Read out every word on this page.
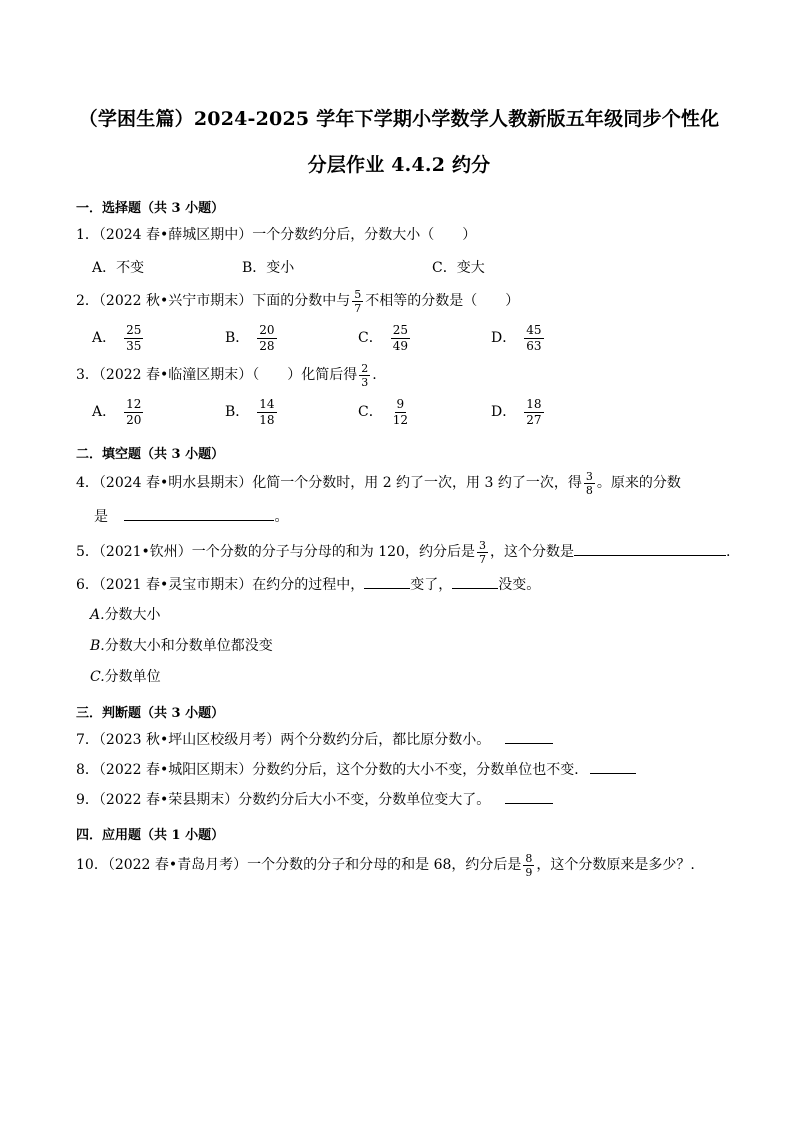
（学困生篇）2024-2025 学年下学期小学数学人教新版五年级同步个性化
分层作业 4.4.2 约分
一．选择题（共 3 小题）
1．（2024 春•薛城区期中）一个分数约分后，分数大小（　　）
A．不变	B．变小	C．变大
2．（2022 秋•兴宁市期末）下面的分数中与 $\frac{5}{7}$ 不相等的分数是（　　）
A． $\frac{25}{35}$	B． $\frac{20}{28}$	C． $\frac{25}{49}$	D． $\frac{45}{63}$
3．（2022 春•临潼区期末）（　　）化简后得 $\frac{2}{3}$ .
A． $\frac{12}{20}$	B． $\frac{14}{18}$	C． $\frac{9}{12}$	D． $\frac{18}{27}$
二．填空题（共 3 小题）
4．（2024 春•明水县期末）化简一个分数时，用 2 约了一次，用 3 约了一次，得 $\frac{3}{8}$ 。原来的分数
是	。
5．（2021•钦州）一个分数的分子与分母的和为 120，约分后是 $\frac{3}{7}$ ，这个分数是	.
6．（2021 春•灵宝市期末）在约分的过程中，	变了，	没变。
A.分数大小
B.分数大小和分数单位都没变
C.分数单位
三．判断题（共 3 小题）
7．（2023 秋•坪山区校级月考）两个分数约分后，都比原分数小。
8．（2022 春•城阳区期末）分数约分后，这个分数的大小不变，分数单位也不变．
9．（2022 春•荣县期末）分数约分后大小不变，分数单位变大了。
四．应用题（共 1 小题）
10．（2022 春•青岛月考）一个分数的分子和分母的和是 68，约分后是 $\frac{8}{9}$ ，这个分数原来是多少？.
